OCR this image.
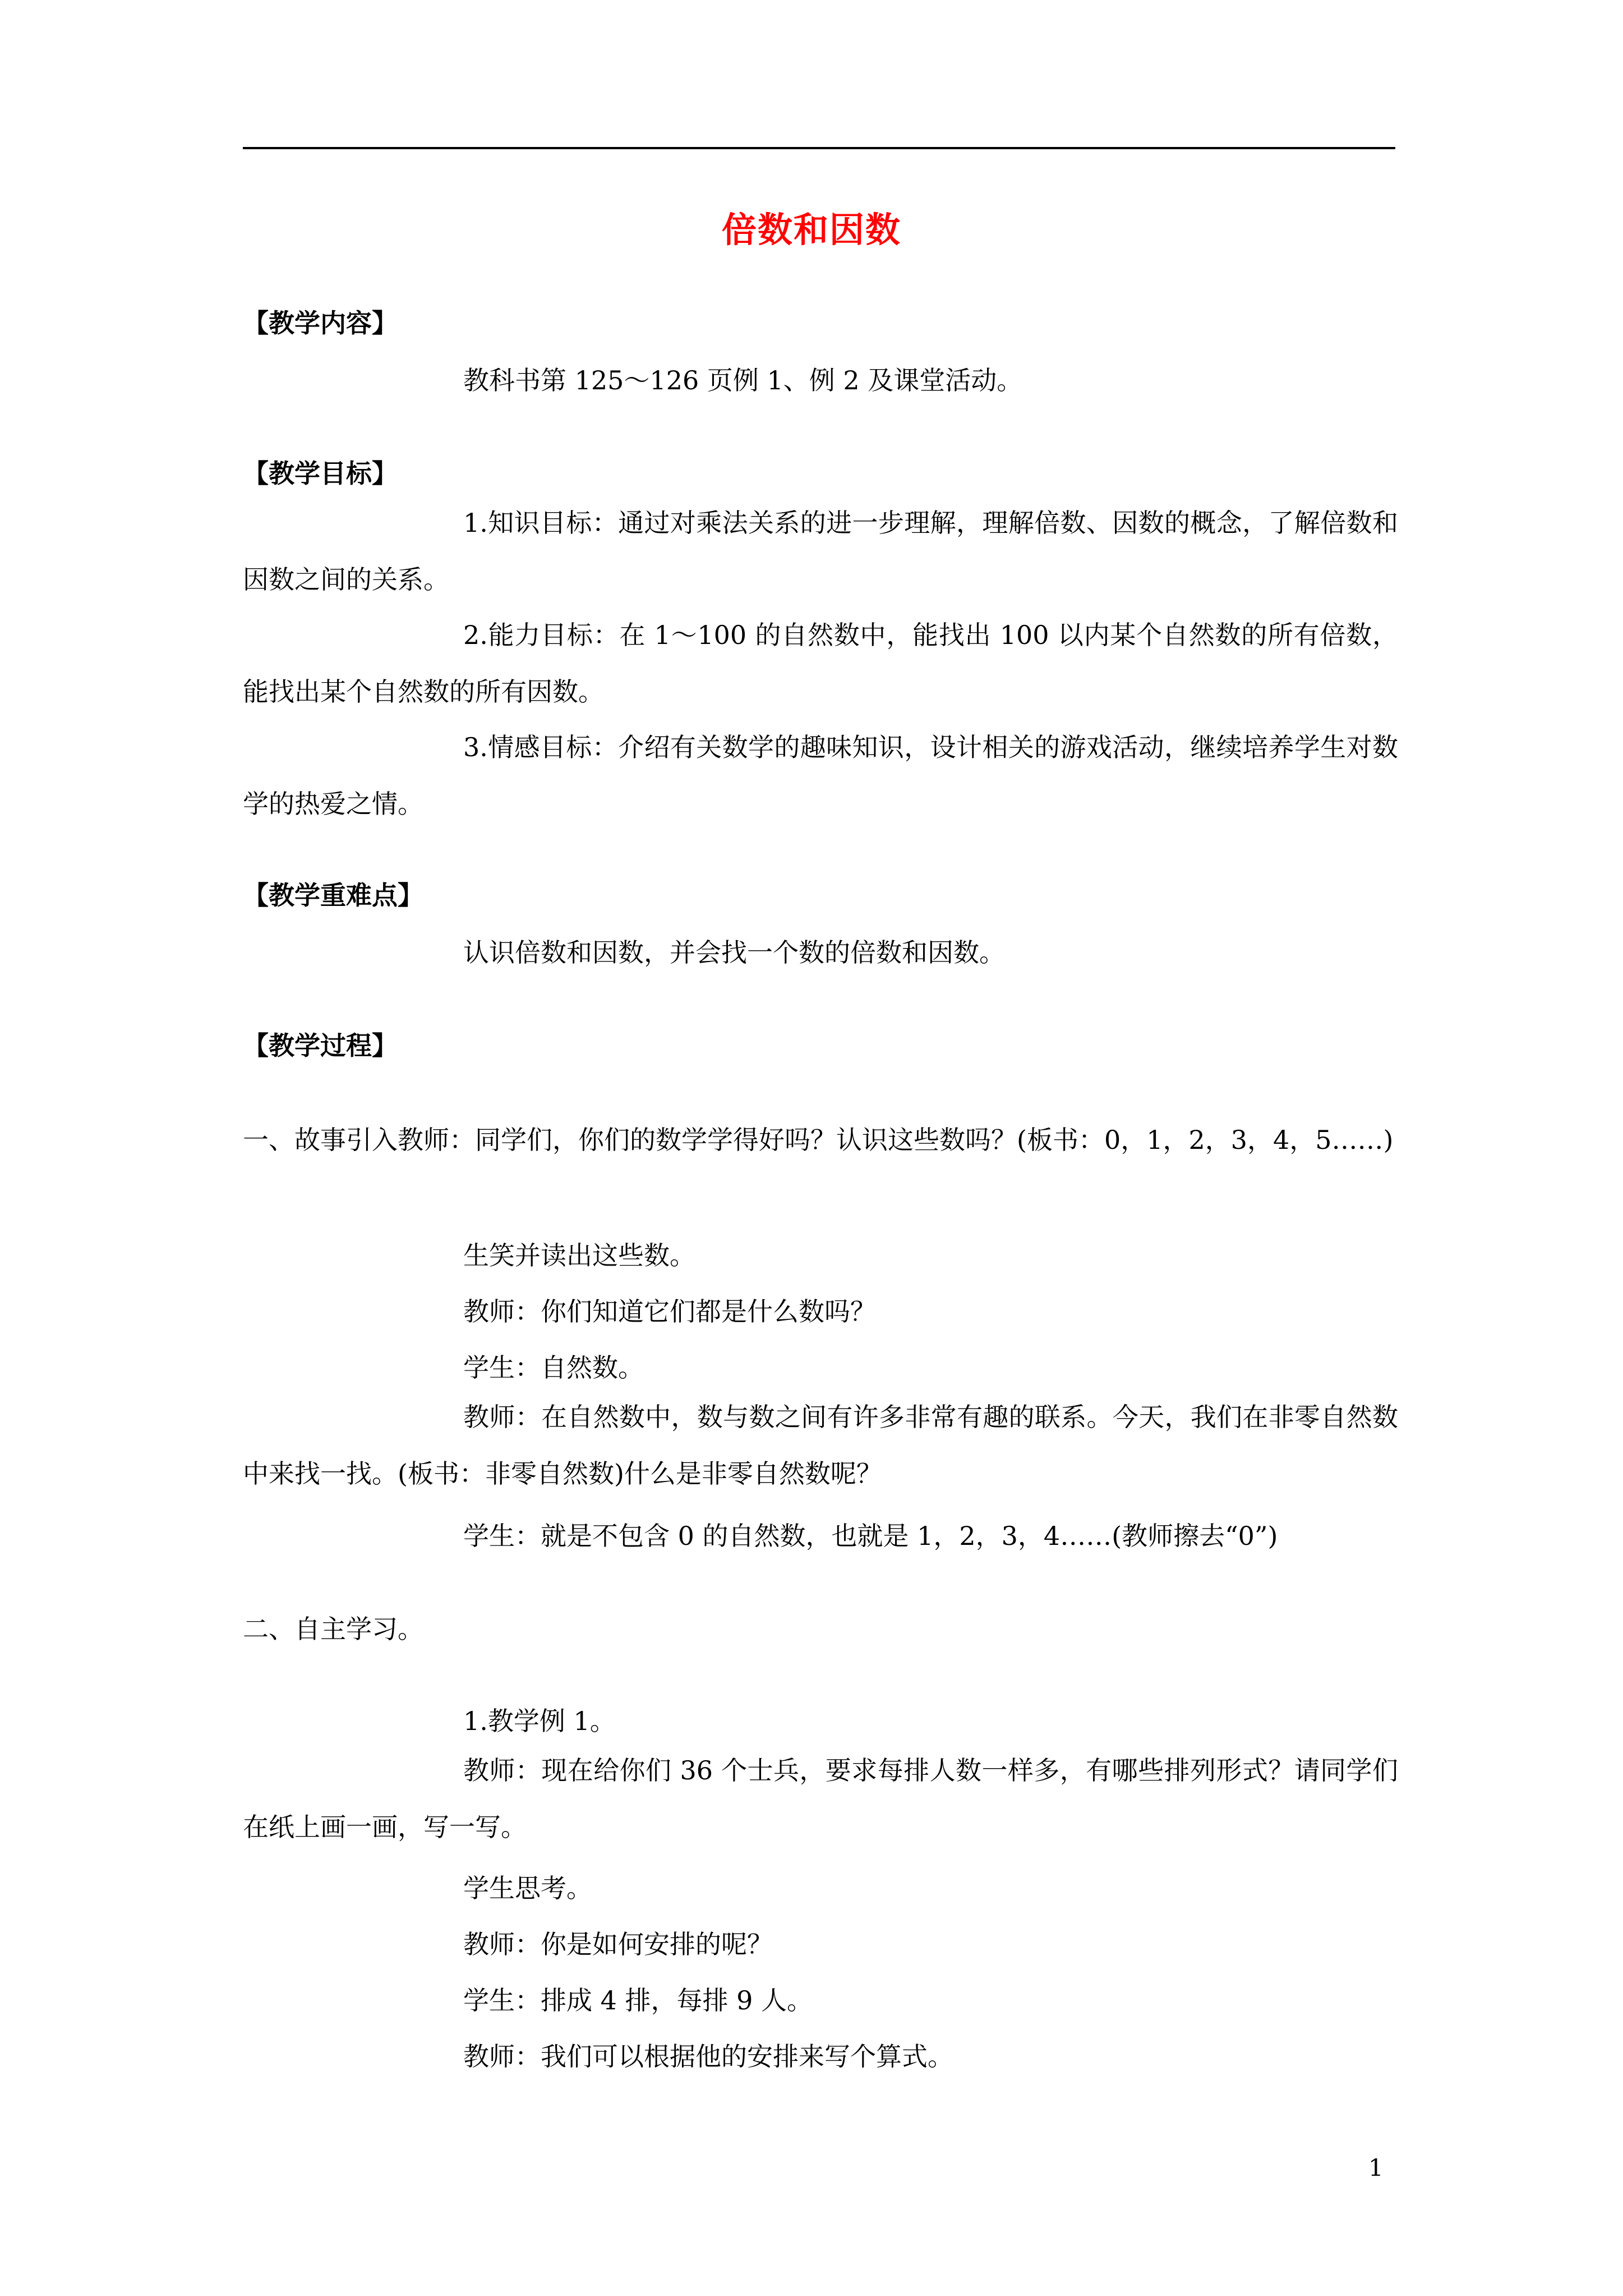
倍数和因数
【教学内容】
教科书第 125～126 页例 1、例 2 及课堂活动。
【教学目标】
1.知识目标：通过对乘法关系的进一步理解，理解倍数、因数的概念，了解倍数和因数之间的关系。
2.能力目标：在 1～100 的自然数中，能找出 100 以内某个自然数的所有倍数，能找出某个自然数的所有因数。
3.情感目标：介绍有关数学的趣味知识，设计相关的游戏活动，继续培养学生对数学的热爱之情。
【教学重难点】
认识倍数和因数，并会找一个数的倍数和因数。
【教学过程】
一、故事引入教师：同学们，你们的数学学得好吗？认识这些数吗？(板书：0，1，2，3，4，5……)
生笑并读出这些数。
教师：你们知道它们都是什么数吗？
学生：自然数。
教师：在自然数中，数与数之间有许多非常有趣的联系。今天，我们在非零自然数中来找一找。(板书：非零自然数)什么是非零自然数呢？
学生：就是不包含 0 的自然数，也就是 1，2，3，4……(教师擦去“0”)
二、自主学习。
1.教学例 1。
教师：现在给你们 36 个士兵，要求每排人数一样多，有哪些排列形式？请同学们在纸上画一画，写一写。
学生思考。
教师：你是如何安排的呢？
学生：排成 4 排，每排 9 人。
教师：我们可以根据他的安排来写个算式。
1
